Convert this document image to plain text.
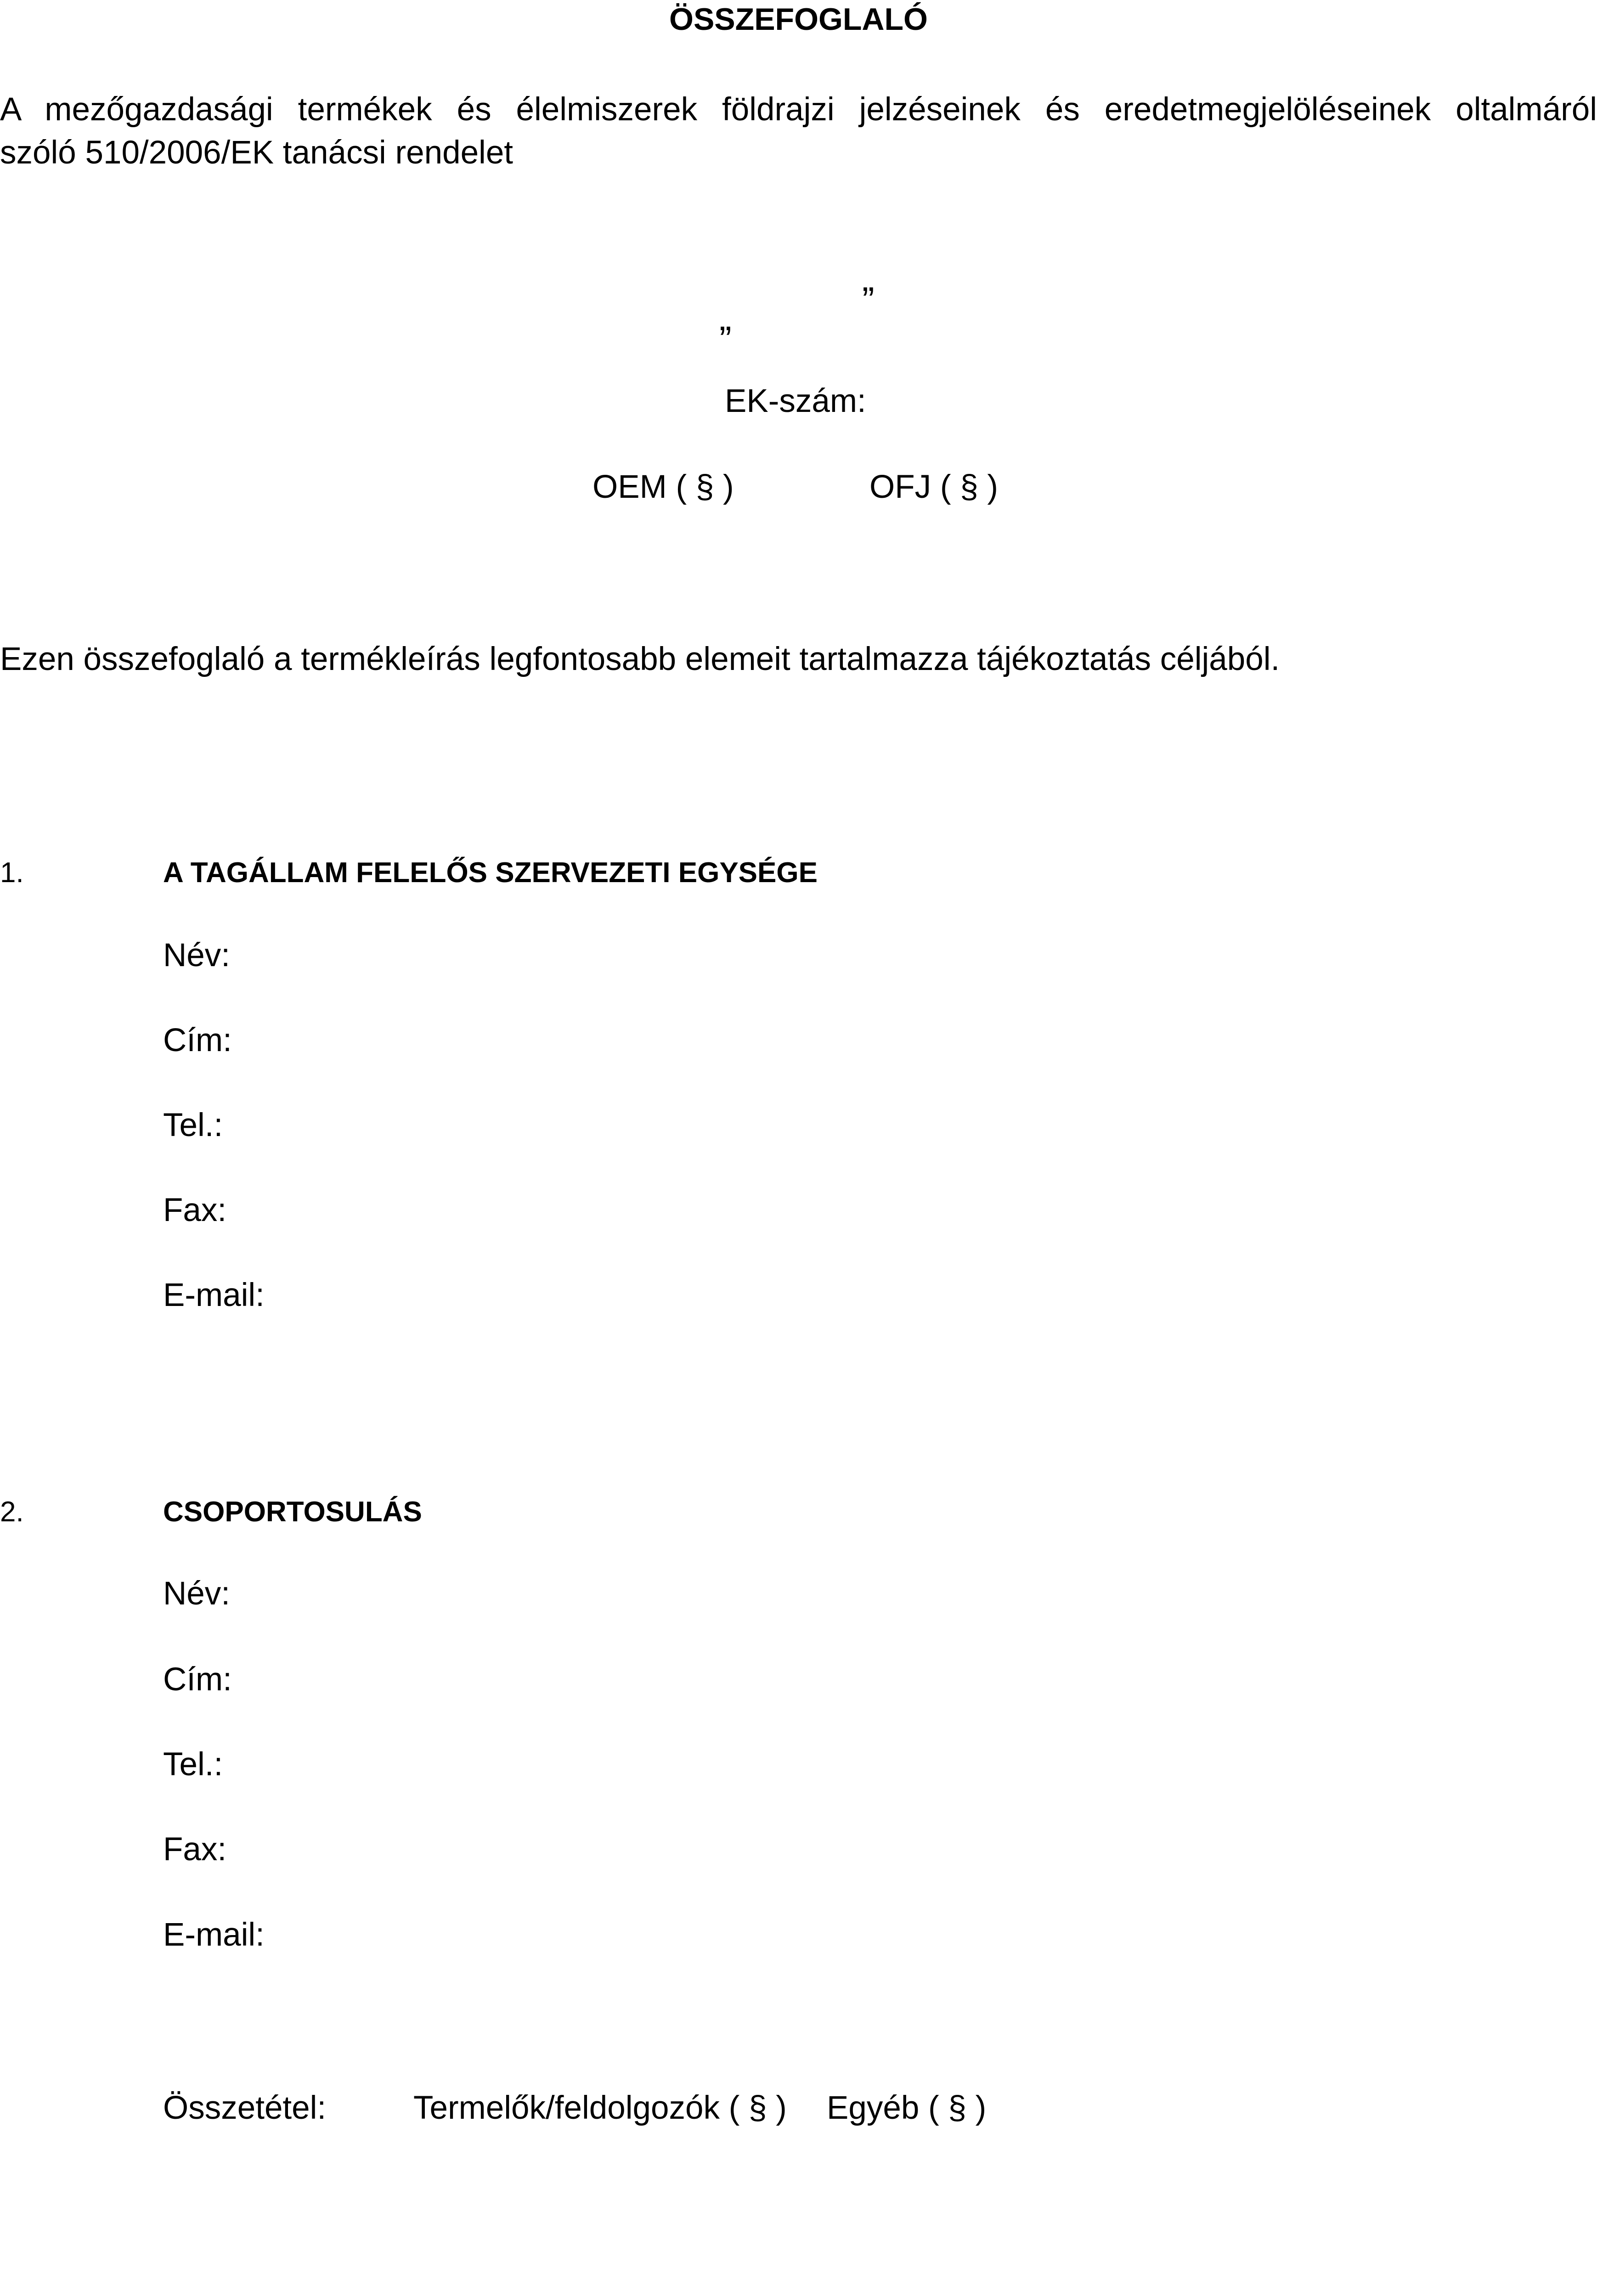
ÖSSZEFOGLALÓ
A mezőgazdasági termékek és élelmiszerek földrajzi jelzéseinek és eredetmegjelöléseinek oltalmáról
szóló 510/2006/EK tanácsi rendelet
„	”
EK-szám:
OEM ( § )	OFJ ( § )
Ezen összefoglaló a termékleírás legfontosabb elemeit tartalmazza tájékoztatás céljából.
1.	A TAGÁLLAM FELELŐS SZERVEZETI EGYSÉGE
Név:
Cím:
Tel.:
Fax:
E-mail:
2.	CSOPORTOSULÁS
Név:
Cím:
Tel.:
Fax:
E-mail:
Összetétel:	Termelők/feldolgozók ( § ) Egyéb ( § )
